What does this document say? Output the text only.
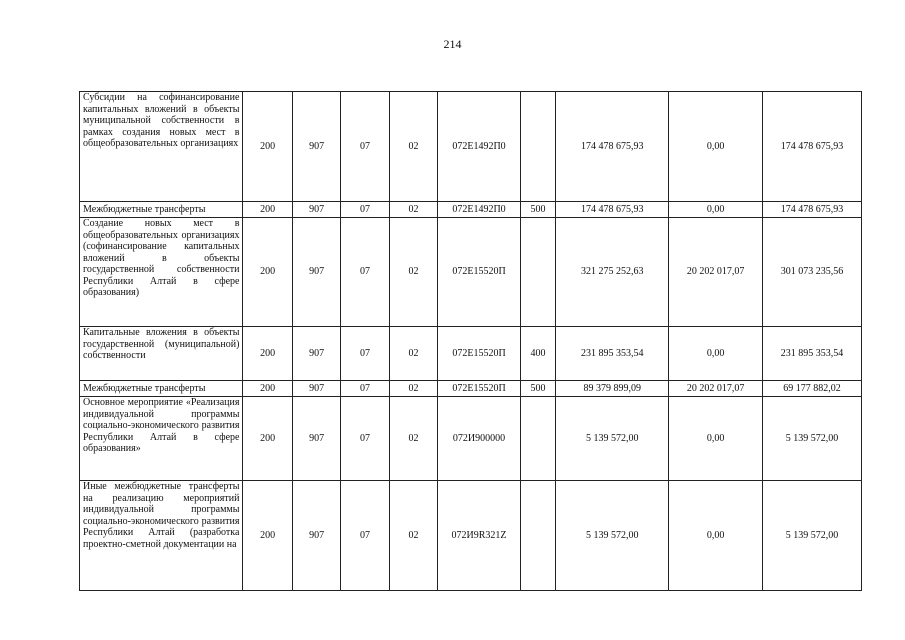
214
Субсидии на софинансирование капитальных вложений в объекты муниципальной собственности в рамках создания новых мест в общеобразовательных организациях	200	907	07	02	072E1492П0		174 478 675,93	0,00	174 478 675,93
Межбюджетные трансферты	200	907	07	02	072E1492П0	500	174 478 675,93	0,00	174 478 675,93
Создание новых мест в общеобразовательных организациях (софинансирование капитальных вложений в объекты государственной собственности Республики Алтай в сфере образования)	200	907	07	02	072E15520П		321 275 252,63	20 202 017,07	301 073 235,56
Капитальные вложения в объекты государственной (муниципальной) собственности	200	907	07	02	072E15520П	400	231 895 353,54	0,00	231 895 353,54
Межбюджетные трансферты	200	907	07	02	072E15520П	500	89 379 899,09	20 202 017,07	69 177 882,02
Основное мероприятие «Реализация индивидуальной программы социально-экономического развития Республики Алтай в сфере образования»	200	907	07	02	072И900000		5 139 572,00	0,00	5 139 572,00
Иные межбюджетные трансферты на реализацию мероприятий индивидуальной программы социально-экономического развития Республики Алтай (разработка проектно-сметной документации на	200	907	07	02	072И9R321Z		5 139 572,00	0,00	5 139 572,00
